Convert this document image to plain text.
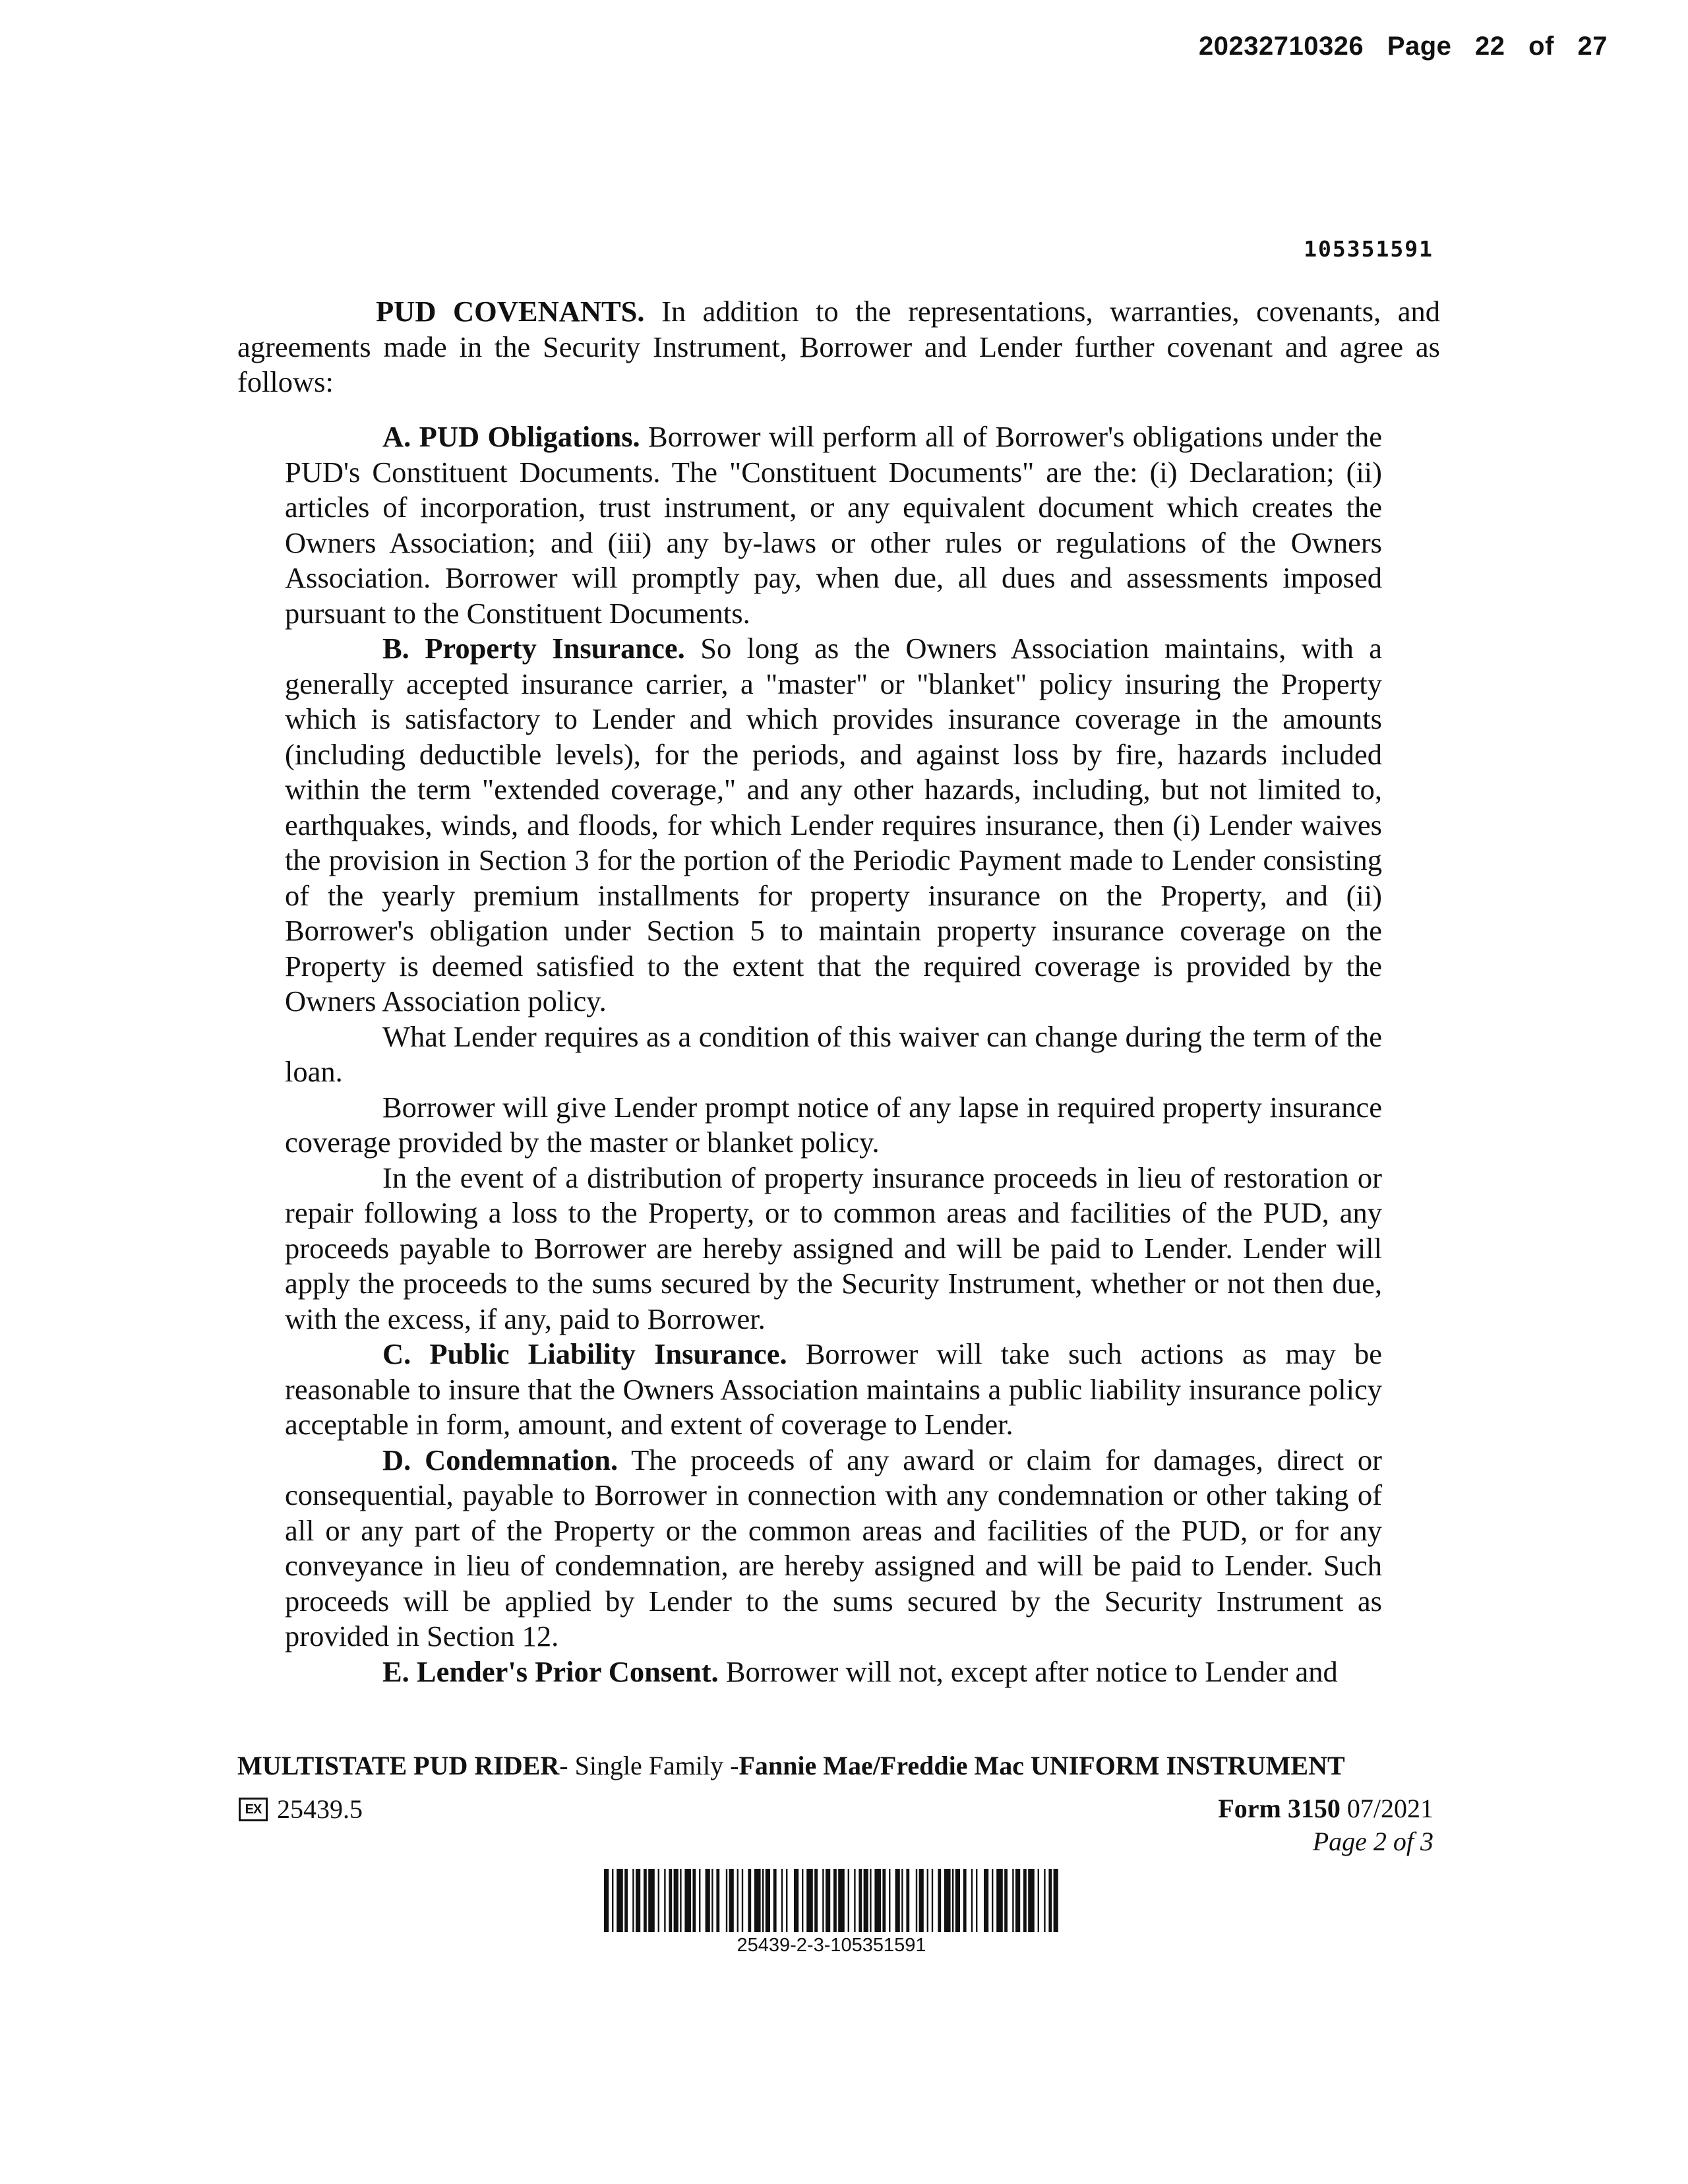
20232710326 Page 22 of 27
105351591

PUD COVENANTS. In addition to the representations, warranties, covenants, and agreements made in the Security Instrument, Borrower and Lender further covenant and agree as follows:

A. PUD Obligations. Borrower will perform all of Borrower's obligations under the PUD's Constituent Documents. The "Constituent Documents" are the: (i) Declaration; (ii) articles of incorporation, trust instrument, or any equivalent document which creates the Owners Association; and (iii) any by-laws or other rules or regulations of the Owners Association. Borrower will promptly pay, when due, all dues and assessments imposed pursuant to the Constituent Documents.

B. Property Insurance. So long as the Owners Association maintains, with a generally accepted insurance carrier, a "master" or "blanket" policy insuring the Property which is satisfactory to Lender and which provides insurance coverage in the amounts (including deductible levels), for the periods, and against loss by fire, hazards included within the term "extended coverage," and any other hazards, including, but not limited to, earthquakes, winds, and floods, for which Lender requires insurance, then (i) Lender waives the provision in Section 3 for the portion of the Periodic Payment made to Lender consisting of the yearly premium installments for property insurance on the Property, and (ii) Borrower's obligation under Section 5 to maintain property insurance coverage on the Property is deemed satisfied to the extent that the required coverage is provided by the Owners Association policy.

What Lender requires as a condition of this waiver can change during the term of the loan.

Borrower will give Lender prompt notice of any lapse in required property insurance coverage provided by the master or blanket policy.

In the event of a distribution of property insurance proceeds in lieu of restoration or repair following a loss to the Property, or to common areas and facilities of the PUD, any proceeds payable to Borrower are hereby assigned and will be paid to Lender. Lender will apply the proceeds to the sums secured by the Security Instrument, whether or not then due, with the excess, if any, paid to Borrower.

C. Public Liability Insurance. Borrower will take such actions as may be reasonable to insure that the Owners Association maintains a public liability insurance policy acceptable in form, amount, and extent of coverage to Lender.

D. Condemnation. The proceeds of any award or claim for damages, direct or consequential, payable to Borrower in connection with any condemnation or other taking of all or any part of the Property or the common areas and facilities of the PUD, or for any conveyance in lieu of condemnation, are hereby assigned and will be paid to Lender. Such proceeds will be applied by Lender to the sums secured by the Security Instrument as provided in Section 12.

E. Lender's Prior Consent. Borrower will not, except after notice to Lender and

MULTISTATE PUD RIDER- Single Family -Fannie Mae/Freddie Mac UNIFORM INSTRUMENT
EX 25439.5	Form 3150 07/2021
Page 2 of 3
25439-2-3-105351591
